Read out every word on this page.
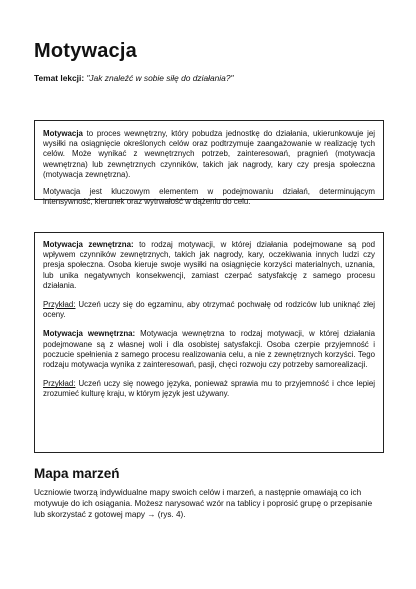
Motywacja
Temat lekcji: "Jak znaleźć w sobie siłę do działania?"

Motywacja to proces wewnętrzny, który pobudza jednostkę do działania, ukierunkowuje jej wysiłki na osiągnięcie określonych celów oraz podtrzymuje zaangażowanie w realizację tych celów. Może wynikać z wewnętrznych potrzeb, zainteresowań, pragnień (motywacja wewnętrzna) lub zewnętrznych czynników, takich jak nagrody, kary czy presja społeczna (motywacja zewnętrzna).

Motywacja jest kluczowym elementem w podejmowaniu działań, determinującym intensywność, kierunek oraz wytrwałość w dążeniu do celu.

Motywacja zewnętrzna: to rodzaj motywacji, w której działania podejmowane są pod wpływem czynników zewnętrznych, takich jak nagrody, kary, oczekiwania innych ludzi czy presja społeczna. Osoba kieruje swoje wysiłki na osiągnięcie korzyści materialnych, uznania, lub unika negatywnych konsekwencji, zamiast czerpać satysfakcję z samego procesu działania.

Przykład: Uczeń uczy się do egzaminu, aby otrzymać pochwałę od rodziców lub uniknąć złej oceny.

Motywacja wewnętrzna: Motywacja wewnętrzna to rodzaj motywacji, w której działania podejmowane są z własnej woli i dla osobistej satysfakcji. Osoba czerpie przyjemność i poczucie spełnienia z samego procesu realizowania celu, a nie z zewnętrznych korzyści. Tego rodzaju motywacja wynika z zainteresowań, pasji, chęci rozwoju czy potrzeby samorealizacji.

Przykład: Uczeń uczy się nowego języka, ponieważ sprawia mu to przyjemność i chce lepiej zrozumieć kulturę kraju, w którym język jest używany.

Mapa marzeń

Uczniowie tworzą indywidualne mapy swoich celów i marzeń, a następnie omawiają co ich motywuje do ich osiągania. Możesz narysować wzór na tablicy i poprosić grupę o przepisanie lub skorzystać z gotowej mapy → (rys. 4).
